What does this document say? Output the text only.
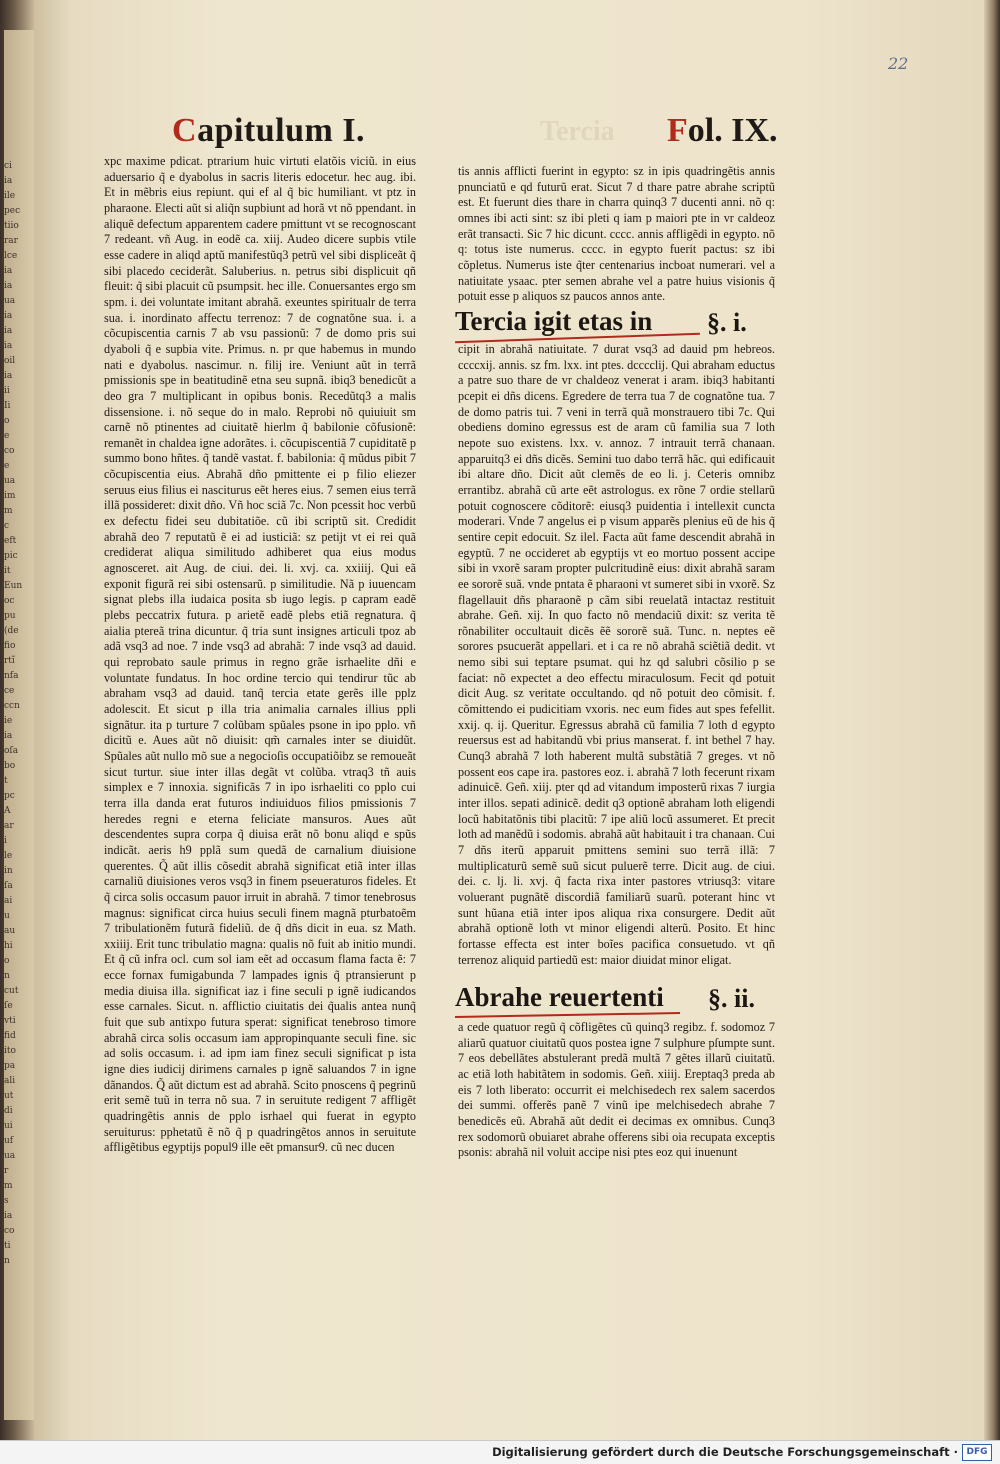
ci
ia
ile
pec
tiio
rar
lce
ia
ia
ua
ia
ia
ia
oil
ia
ii
Ii
o
e
co
e
ua
im
m
c
eft
pic
it
Eun
oc
pu
(de
fio
rtĩ
nfa
ce
ccn
ie
ia
oſa
bo
t
pc
A
ar
i
le
in
ſa
ai
u
au
hi
o
n
cut
ſe
vti
fid
ito
pa
ali
ut
di
ui
uf
ua
r
m
s
ia
co
ti
n
22
Capitulum I.	Tercia Fol. IX.
xpc maxime pdicat. ptrarium huic virtuti elatõis viciũ. in eius aduersario q̃ e dyabolus in sacris literis edocetur. hec aug. ibi. Et in mẽbris eius repiunt. qui ef al q̃ bic humiliant. vt ptz in pharaone. Electi aũt si aliq̃n supbiunt ad horã vt nõ ppendant. in aliquẽ defectum apparentem cadere pmittunt vt se recognoscant 7 redeant. vñ Aug. in eodẽ ca. xiij. Audeo dicere supbis vtile esse cadere in aliqd aptũ manifestũq3 petrũ vel sibi displiceãt q̃ sibi placedo ceciderãt. Saluberius. n. petrus sibi displicuit qñ fleuit: q̃ sibi placuit cũ psumpsit. hec ille. Conuersantes ergo sm spm. i. dei voluntate imitant abrahã. exeuntes spiritualr de terra sua. i. inordinato affectu terrenoz: 7 de cognatõne sua. i. a cõcupiscentia carnis 7 ab vsu passionũ: 7 de domo pris sui dyaboli q̃ e supbia vite. Primus. n. pr que habemus in mundo nati e dyabolus. nascimur. n. filij ire. Veniunt aũt in terrã pmissionis spe in beatitudinẽ etna seu supnã. ibiq3 benedicũt a deo gra 7 multiplicant in opibus bonis. Recedũtq3 a malis dissensione. i. nõ seque do in malo. Reprobi nõ quiuiuit sm carnẽ nõ ptinentes ad ciuitatẽ hierlm q̃ babilonie cõfusionẽ: remanẽt in chaldea igne adorãtes. i. cõcupiscentiã 7 cupiditatẽ p summo bono hñtes. q̃ tandẽ vastat. f. babilonia: q̃ mũdus pibit 7 cõcupiscentia eius. Abrahã dño pmittente ei p filio eliezer seruus eius filius ei nasciturus eẽt heres eius. 7 semen eius terrã illã possideret: dixit dño. Vñ hoc sciã 7c. Non pcessit hoc verbũ ex defectu fidei seu dubitatiõe. cũ ibi scriptũ sit. Credidit abrahã deo 7 reputatũ ẽ ei ad iusticiã: sz petijt vt ei rei quã crediderat aliqua similitudo adhiberet qua eius modus agnosceret. ait Aug. de ciui. dei. li. xvj. ca. xxiiij. Qui eã exponit figurã rei sibi ostensarũ. p similitudie. Nã p iuuencam signat plebs illa iudaica posita sb iugo legis. p capram eadẽ plebs peccatrix futura. p arietẽ eadẽ plebs etiã regnatura. q̃ aialia ptereã trina dicuntur. q̃ tria sunt insignes articuli tpoz ab adã vsq3 ad noe. 7 inde vsq3 ad abrahã: 7 inde vsq3 ad dauid. qui reprobato saule primus in regno grãe isrhaelite dñi e voluntate fundatus. In hoc ordine tercio qui tendirur tũc ab abraham vsq3 ad dauid. tanq̃ tercia etate gerẽs ille pplz adolescit. Et sicut p illa tria animalia carnales illius ppli signãtur. ita p turture 7 colũbam spũales psone in ipo pplo. vñ dicitũ e. Aues aũt nõ diuisit: qm̃ carnales inter se diuidũt. Spũales aũt nullo mõ sue a negocioſis occupatiõibz se remoueãt sicut turtur. siue inter illas degãt vt colũba. vtraq3 tñ auis simplex e 7 innoxia. significãs 7 in ipo isrhaeliti co pplo cui terra illa danda erat futuros indiuiduos filios pmissionis 7 heredes regni e eterna feliciate mansuros. Aues aũt descendentes supra corpa q̃ diuisa erãt nõ bonu aliqd e spũs indicãt. aeris h9 pplã sum quedã de carnalium diuisione querentes. Q̃ aũt illis cõsedit abrahã significat etiã inter illas carnaliũ diuisiones veros vsq3 in finem pseueraturos fideles. Et q̃ circa solis occasum pauor irruit in abrahã. 7 timor tenebrosus magnus: significat circa huius seculi finem magnã pturbatoẽm 7 tribulationẽm futurã fideliũ. de q̃ dñs dicit in eua. sz Math. xxiiij. Erit tunc tribulatio magna: qualis nõ fuit ab initio mundi. Et q̃ cũ infra ocl. cum sol iam eẽt ad occasum flama facta ẽ: 7 ecce fornax fumigabunda 7 lampades ignis q̃ ptransierunt p media diuisa illa. significat iaz i fine seculi p ignẽ iudicandos esse carnales. Sicut. n. afflictio ciuitatis dei q̃ualis antea nunq̃ fuit que sub antixpo futura sperat: significat tenebroso timore abrahã circa solis occasum iam appropinquante seculi fine. sic ad solis occasum. i. ad ipm iam finez seculi significat p ista igne dies iudicij dirimens carnales p ignẽ saluandos 7 in igne dãnandos. Q̃ aũt dictum est ad abrahã. Scito pnoscens q̃ pegrinũ erit semẽ tuũ in terra nõ sua. 7 in seruitute redigent 7 affligẽt quadringẽtis annis de pplo isrhael qui fuerat in egypto seruiturus: pphetatũ ẽ nõ q̃ p quadringẽtos annos in seruitute affligẽtibus egyptijs popul9 ille eẽt pmansur9. cũ nec ducen
tis annis afflicti fuerint in egypto: sz in ipis quadringẽtis annis pnunciatũ e qd futurũ erat. Sicut 7 d thare patre abrahe scriptũ est. Et fuerunt dies thare in charra quinq3 7 ducenti anni. nõ q: omnes ibi acti sint: sz ibi pleti q iam p maiori pte in vr caldeoz erãt transacti. Sic 7 hic dicunt. cccc. annis affligẽdi in egypto. nõ q: totus iste numerus. cccc. in egypto fuerit pactus: sz ibi cõpletus. Numerus iste q̃ter centenarius incboat numerari. vel a natiuitate ysaac. pter semen abrahe vel a patre huius visionis q̃ potuit esse p aliquos sz paucos annos ante.
Tercia igit etas in §. i.
cipit in abrahã natiuitate. 7 durat vsq3 ad dauid pm hebreos. ccccxij. annis. sz fm. lxx. int ptes. dcccclij. Qui abraham eductus a patre suo thare de vr chaldeoz venerat i aram. ibiq3 habitanti pcepit ei dñs dicens. Egredere de terra tua 7 de cognatõne tua. 7 de domo patris tui. 7 veni in terrã quã monstrauero tibi 7c. Qui obediens domino egressus est de aram cũ familia sua 7 loth nepote suo existens. lxx. v. annoz. 7 intrauit terrã chanaan. apparuitq3 ei dñs dicẽs. Semini tuo dabo terrã hãc. qui edificauit ibi altare dño. Dicit aũt clemẽs de eo li. j. Ceteris omnibz errantibz. abrahã cũ arte eẽt astrologus. ex rõne 7 ordie stellarũ potuit cognoscere cõditorẽ: eiusq3 puidentia i intellexit cuncta moderari. Vnde 7 angelus ei p visum apparẽs plenius eũ de his q̃ sentire cepit edocuit. Sz ilel. Facta aũt fame descendit abrahã in egyptũ. 7 ne occideret ab egyptijs vt eo mortuo possent accipe sibi in vxorẽ saram propter pulcritudinẽ eius: dixit abrahã saram ee sororẽ suã. vnde pntata ẽ pharaoni vt sumeret sibi in vxorẽ. Sz flagellauit dñs pharaonẽ p cãm sibi reuelatã intactaz restituit abrahe. Geñ. xij. In quo facto nõ mendaciũ dixit: sz verita tẽ rõnabiliter occultauit dicẽs ẽẽ sororẽ suã. Tunc. n. neptes eẽ sorores psucuerãt appellari. et i ca re nõ abrahã sciẽtiã dedit. vt nemo sibi sui teptare psumat. qui hz qd salubri cõsilio p se faciat: nõ expectet a deo effectu miraculosum. Fecit qd potuit dicit Aug. sz veritate occultando. qd nõ potuit deo cõmisit. f. cõmittendo ei pudicitiam vxoris. nec eum fides aut spes fefellit. xxij. q. ij. Queritur. Egressus abrahã cũ familia 7 loth d egypto reuersus est ad habitandũ vbi prius manserat. f. int bethel 7 hay. Cunq3 abrahã 7 loth haberent multã substãtiã 7 greges. vt nõ possent eos cape ira. pastores eoz. i. abrahã 7 loth fecerunt rixam adinuicẽ. Geñ. xiij. pter qd ad vitandum imposterũ rixas 7 iurgia inter illos. sepati adinicẽ. dedit q3 optionẽ abraham loth eligendi locũ habitatõnis tibi placitũ: 7 ipe aliũ locũ assumeret. Et precit loth ad manẽdũ i sodomis. abrahã aũt habitauit i tra chanaan. Cui 7 dñs iterũ apparuit pmittens semini suo terrã illã: 7 multiplicaturũ semẽ suũ sicut puluerẽ terre. Dicit aug. de ciui. dei. c. lj. li. xvj. q̃ facta rixa inter pastores vtriusq3: vitare voluerant pugnãtẽ discordiã familiarũ suarũ. poterant hinc vt sunt hũana etiã inter ipos aliqua rixa consurgere. Dedit aũt abrahã optionẽ loth vt minor eligendi alterũ. Posito. Et hinc fortasse effecta est inter boĩes pacifica consuetudo. vt qñ terrenoz aliquid partiedũ est: maior diuidat minor eligat.
Abrahe reuertenti §. ii.
a cede quatuor regũ q̃ cõfligẽtes cũ quinq3 regibz. f. sodomoz 7 aliarũ quatuor ciuitatũ quos postea igne 7 sulphure pſumpte sunt. 7 eos debellãtes abstulerant predã multã 7 gẽtes illarũ ciuitatũ. ac etiã loth habitãtem in sodomis. Geñ. xiiij. Ereptaq3 preda ab eis 7 loth liberato: occurrit ei melchisedech rex salem sacerdos dei summi. offerẽs panẽ 7 vinũ ipe melchisedech abrahe 7 benedicẽs eũ. Abrahã aũt dedit ei decimas ex omnibus. Cunq3 rex sodomorũ obuiaret abrahe offerens sibi oia recupata exceptis psonis: abrahã nil voluit accipe nisi ptes eoz qui inuenunt
Digitalisierung gefördert durch die Deutsche Forschungsgemeinschaft · DFG
